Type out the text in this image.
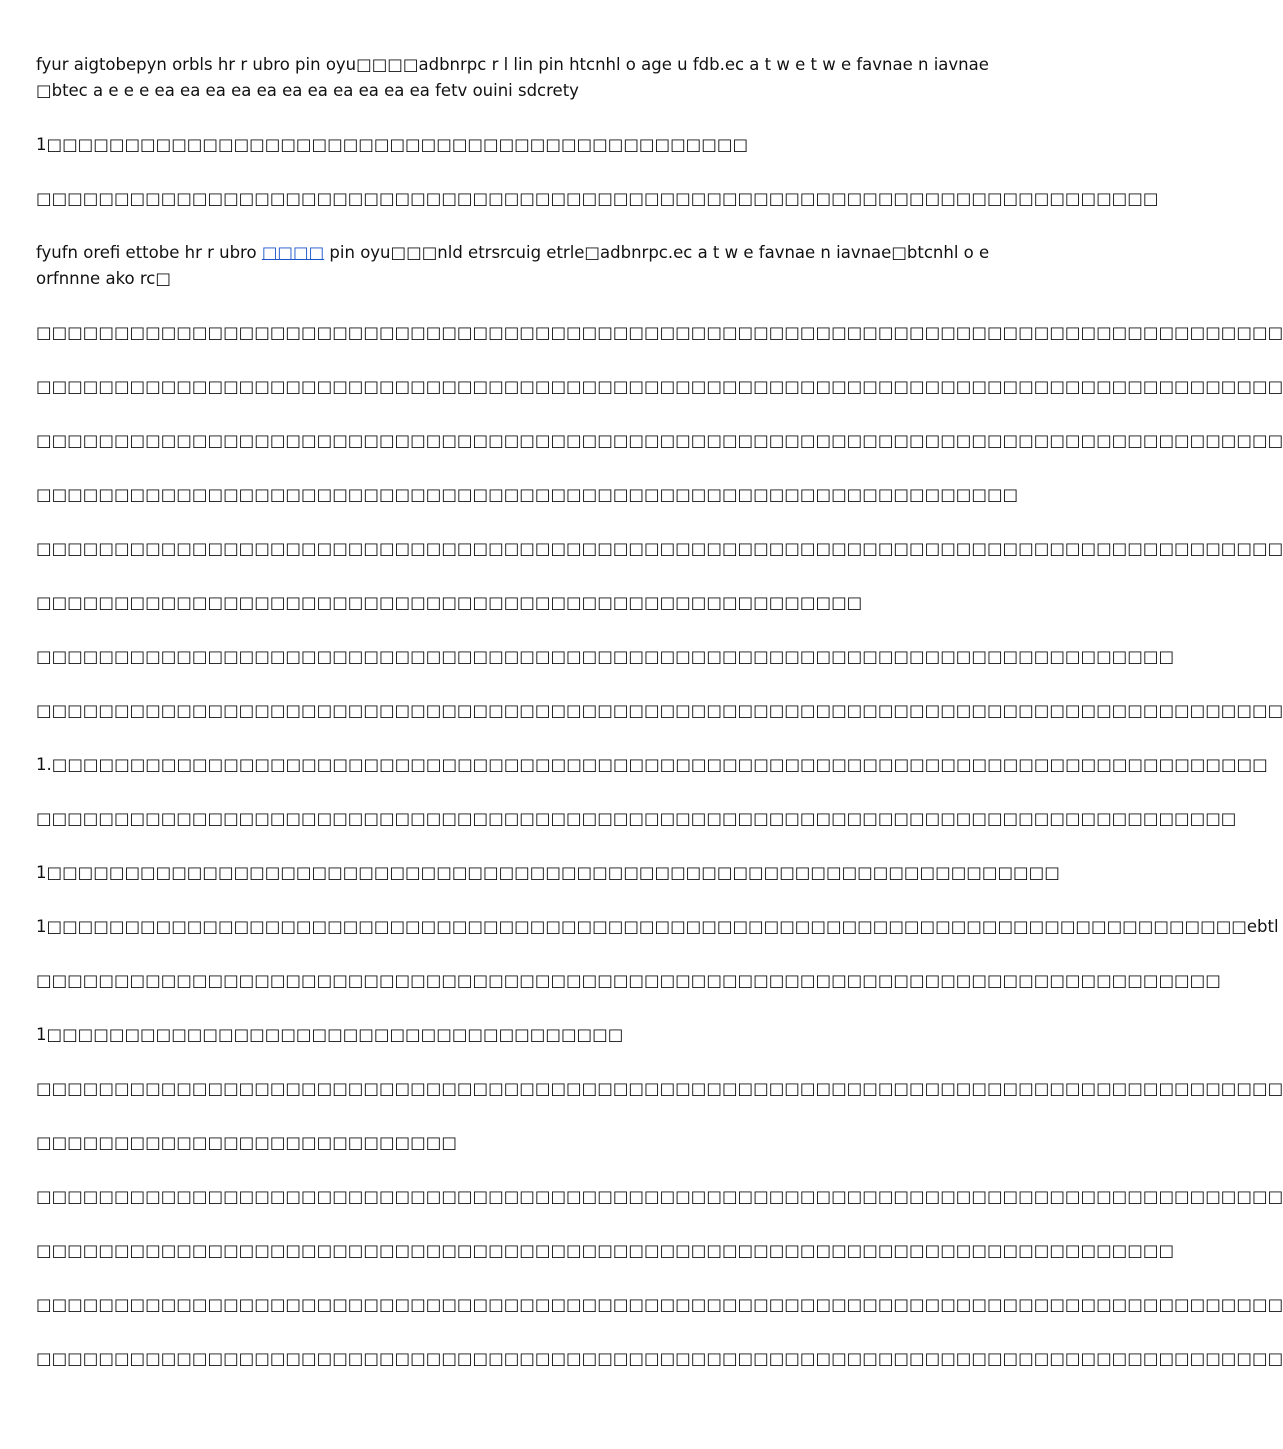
fyur aigtobepyn orbls hr r ubro pin oyu□□□□adbnrpc r l lin pin htcnhl o age u fdb.ec a t w e t w e favnae n iavnae□btec a e e e ea ea ea ea ea ea ea ea ea ea ea fetv ouini sdcrety

1□□□□□□□□□□□□□□□□□□□□□□□□□□□□□□□□□□□□□□□□□□□□□

□□□□□□□□□□□□□□□□□□□□□□□□□□□□□□□□□□□□□□□□□□□□□□□□□□□□□□□□□□□□□□□□□□□□□□□□

fyufn orefi ettobe hr r ubro □□□□ pin oyu□□□nld etrsrcuig etrle□adbnrpc.ec a t w e favnae n iavnae□btcnhl o e orfnnne ako rc□

□□□□□□□□□□□□□□□□□□□□□□□□□□□□□□□□□□□□□□□□□□□□□□□□□□□□□□□□□□□□□□□□□□□□□□□□□□□□□□□□

□□□□□□□□□□□□□□□□□□□□□□□□□□□□□□□□□□□□□□□□□□□□□□□□□□□□□□□□□□□□□□□□□□□□□□□□□□□□□□□□

□□□□□□□□□□□□□□□□□□□□□□□□□□□□□□□□□□□□□□□□□□□□□□□□□□□□□□□□□□□□□□□□□□□□□□□□□□□□□□□□

□□□□□□□□□□□□□□□□□□□□□□□□□□□□□□□□□□□□□□□□□□□□□□□□□□□□□□□□□□□□□□□

□□□□□□□□□□□□□□□□□□□□□□□□□□□□□□□□□□□□□□□□□□□□□□□□□□□□□□□□□□□□□□□□□□□□□□□□□□□□□□□□

□□□□□□□□□□□□□□□□□□□□□□□□□□□□□□□□□□□□□□□□□□□□□□□□□□□□□

□□□□□□□□□□□□□□□□□□□□□□□□□□□□□□□□□□□□□□□□□□□□□□□□□□□□□□□□□□□□□□□□□□□□□□□□□

□□□□□□□□□□□□□□□□□□□□□□□□□□□□□□□□□□□□□□□□□□□□□□□□□□□□□□□□□□□□□□□□□□□□□□□□□□□□□□□□

1.□□□□□□□□□□□□□□□□□□□□□□□□□□□□□□□□□□□□□□□□□□□□□□□□□□□□□□□□□□□□□□□□□□□□□□□□□□□□□□

□□□□□□□□□□□□□□□□□□□□□□□□□□□□□□□□□□□□□□□□□□□□□□□□□□□□□□□□□□□□□□□□□□□□□□□□□□□□□

1□□□□□□□□□□□□□□□□□□□□□□□□□□□□□□□□□□□□□□□□□□□□□□□□□□□□□□□□□□□□□□□□□

1□□□□□□□□□□□□□□□□□□□□□□□□□□□□□□□□□□□□□□□□□□□□□□□□□□□□□□□□□□□□□□□□□□□□□□□□□□□□□ebtl

□□□□□□□□□□□□□□□□□□□□□□□□□□□□□□□□□□□□□□□□□□□□□□□□□□□□□□□□□□□□□□□□□□□□□□□□□□□□

1□□□□□□□□□□□□□□□□□□□□□□□□□□□□□□□□□□□□□

□□□□□□□□□□□□□□□□□□□□□□□□□□□□□□□□□□□□□□□□□□□□□□□□□□□□□□□□□□□□□□□□□□□□□□□□□□□□□□□□

□□□□□□□□□□□□□□□□□□□□□□□□□□□

□□□□□□□□□□□□□□□□□□□□□□□□□□□□□□□□□□□□□□□□□□□□□□□□□□□□□□□□□□□□□□□□□□□□□□□□□□□□□□□□

□□□□□□□□□□□□□□□□□□□□□□□□□□□□□□□□□□□□□□□□□□□□□□□□□□□□□□□□□□□□□□□□□□□□□□□□□

□□□□□□□□□□□□□□□□□□□□□□□□□□□□□□□□□□□□□□□□□□□□□□□□□□□□□□□□□□□□□□□□□□□□□□□□□□□□□□□□

□□□□□□□□□□□□□□□□□□□□□□□□□□□□□□□□□□□□□□□□□□□□□□□□□□□□□□□□□□□□□□□□□□□□□□□□□□□□□□□□
